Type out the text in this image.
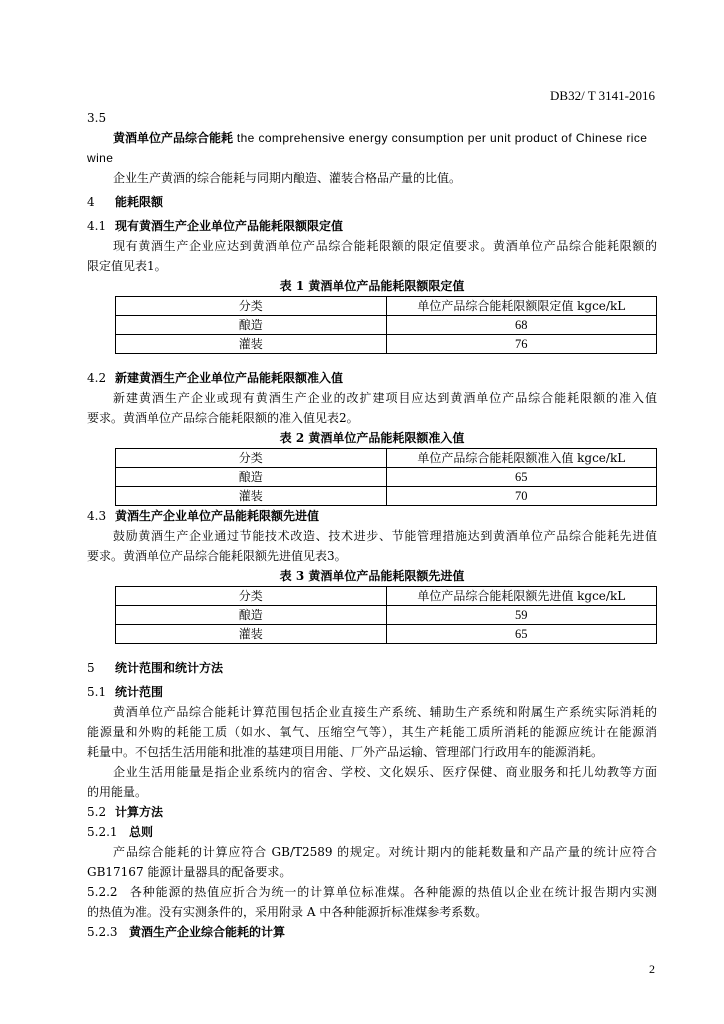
DB32/ T 3141-2016
3.5
黄酒单位产品综合能耗 the comprehensive energy consumption per unit product of Chinese rice
wine
企业生产黄酒的综合能耗与同期内酿造、灌装合格品产量的比值。
4 能耗限额
4.1 现有黄酒生产企业单位产品能耗限额限定值
现有黄酒生产企业应达到黄酒单位产品综合能耗限额的限定值要求。黄酒单位产品综合能耗限额的
限定值见表1。
表 1 黄酒单位产品能耗限额限定值
分类	单位产品综合能耗限额限定值 kgce/kL
酿造	68
灌装	76
4.2 新建黄酒生产企业单位产品能耗限额准入值
新建黄酒生产企业或现有黄酒生产企业的改扩建项目应达到黄酒单位产品综合能耗限额的准入值
要求。黄酒单位产品综合能耗限额的准入值见表2。
表 2 黄酒单位产品能耗限额准入值
分类	单位产品综合能耗限额准入值 kgce/kL
酿造	65
灌装	70
4.3 黄酒生产企业单位产品能耗限额先进值
鼓励黄酒生产企业通过节能技术改造、技术进步、节能管理措施达到黄酒单位产品综合能耗先进值
要求。黄酒单位产品综合能耗限额先进值见表3。
表 3 黄酒单位产品能耗限额先进值
分类	单位产品综合能耗限额先进值 kgce/kL
酿造	59
灌装	65
5 统计范围和统计方法
5.1 统计范围
黄酒单位产品综合能耗计算范围包括企业直接生产系统、辅助生产系统和附属生产系统实际消耗的
能源量和外购的耗能工质（如水、氧气、压缩空气等），其生产耗能工质所消耗的能源应统计在能源消
耗量中。不包括生活用能和批准的基建项目用能、厂外产品运输、管理部门行政用车的能源消耗。
企业生活用能量是指企业系统内的宿舍、学校、文化娱乐、医疗保健、商业服务和托儿幼教等方面
的用能量。
5.2 计算方法
5.2.1 总则
产品综合能耗的计算应符合 GB/T2589 的规定。对统计期内的能耗数量和产品产量的统计应符合
GB17167 能源计量器具的配备要求。
5.2.2 各种能源的热值应折合为统一的计算单位标准煤。各种能源的热值以企业在统计报告期内实测
的热值为准。没有实测条件的，采用附录 A 中各种能源折标准煤参考系数。
5.2.3 黄酒生产企业综合能耗的计算
2
